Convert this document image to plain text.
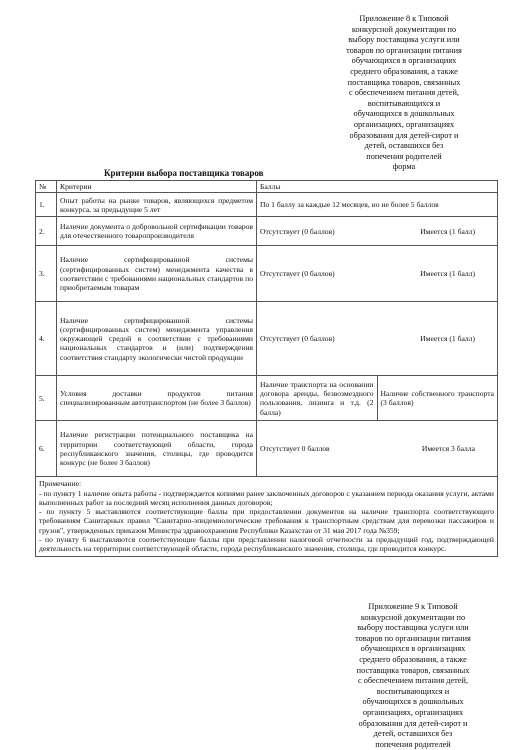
Приложение 8 к Типовой
конкурсной документации по
выбору поставщика услуги или
товаров по организации питания
обучающихся в организациях
среднего образования, а также
поставщика товаров, связанных
с обеспечением питания детей,
воспитывающихся и
обучающихся в дошкольных
организациях, организациях
образования для детей-сирот и
детей, оставшихся без
попечения родителей
форма
Критерии выбора поставщика товаров
№	Критерии	Баллы	
1.	Опыт работы на рынке товаров, являющихся предметом конкурса, за предыдущие 5 лет	По 1 баллу за каждые 12 месяцев, но не более 5 баллов	
2.	Наличие документа о добровольной сертификации товаров для отечественного товаропроизводителя	Отсутствует (0 баллов)	Имеется (1 балл)
3.	Наличие сертифицированной системы (сертифицированных систем) менеджмента качества в соответствии с требованиями национальных стандартов по приобретаемым товарам	Отсутствует (0 баллов)	Имеется (1 балл)
4.	Наличие сертифицированной системы (сертифицированных систем) менеджмента управления окружающей средой в соответствии с требованиями национальных стандартов и (или) подтверждения соответствия стандарту экологически чистой продукции	Отсутствует (0 баллов)	Имеется (1 балл)
5.	Условия доставки продуктов питания специализированным автотранспортом (не более 3 баллов)	Наличие транспорта на основании договора аренды, безвозмездного пользования, лизинга и т.д. (2 балла)	Наличие собственного транспорта (3 баллов)
6.	Наличие регистрации потенциального поставщика на территории соответствующей области, города республиканского значения, столицы, где проводится конкурс (не более 3 баллов)	Отсутствует 0 баллов	Имеется 3 балла

Примечание:
- по пункту 1 наличие опыта работы - подтверждается копиями ранее заключенных договоров с указанием периода оказания услуги, актами выполненных работ за последний месяц исполнения данных договоров;
- по пункту 5 выставляются соответствующие баллы при предоставлении документов на наличие транспорта соответствующего требованиям Санитарных правил "Санитарно-эпидемиологические требования к транспортным средствам для перевозки пассажиров и грузов", утвержденных приказом Министра здравоохранения Республики Казахстан от 31 мая 2017 года №359;
- по пункту 6 выставляются соответствующие баллы при представлении налоговой отчетности за предыдущий год, подтверждающей деятельность на территории соответствующей области, города республиканского значения, столицы, где проводится конкурс.			
Приложение 9 к Типовой
конкурсной документации по
выбору поставщика услуги или
товаров по организации питания
обучающихся в организациях
среднего образования, а также
поставщика товаров, связанных
с обеспечением питания детей,
воспитывающихся и
обучающихся в дошкольных
организациях, организациях
образования для детей-сирот и
детей, оставшихся без
попечения родителей
